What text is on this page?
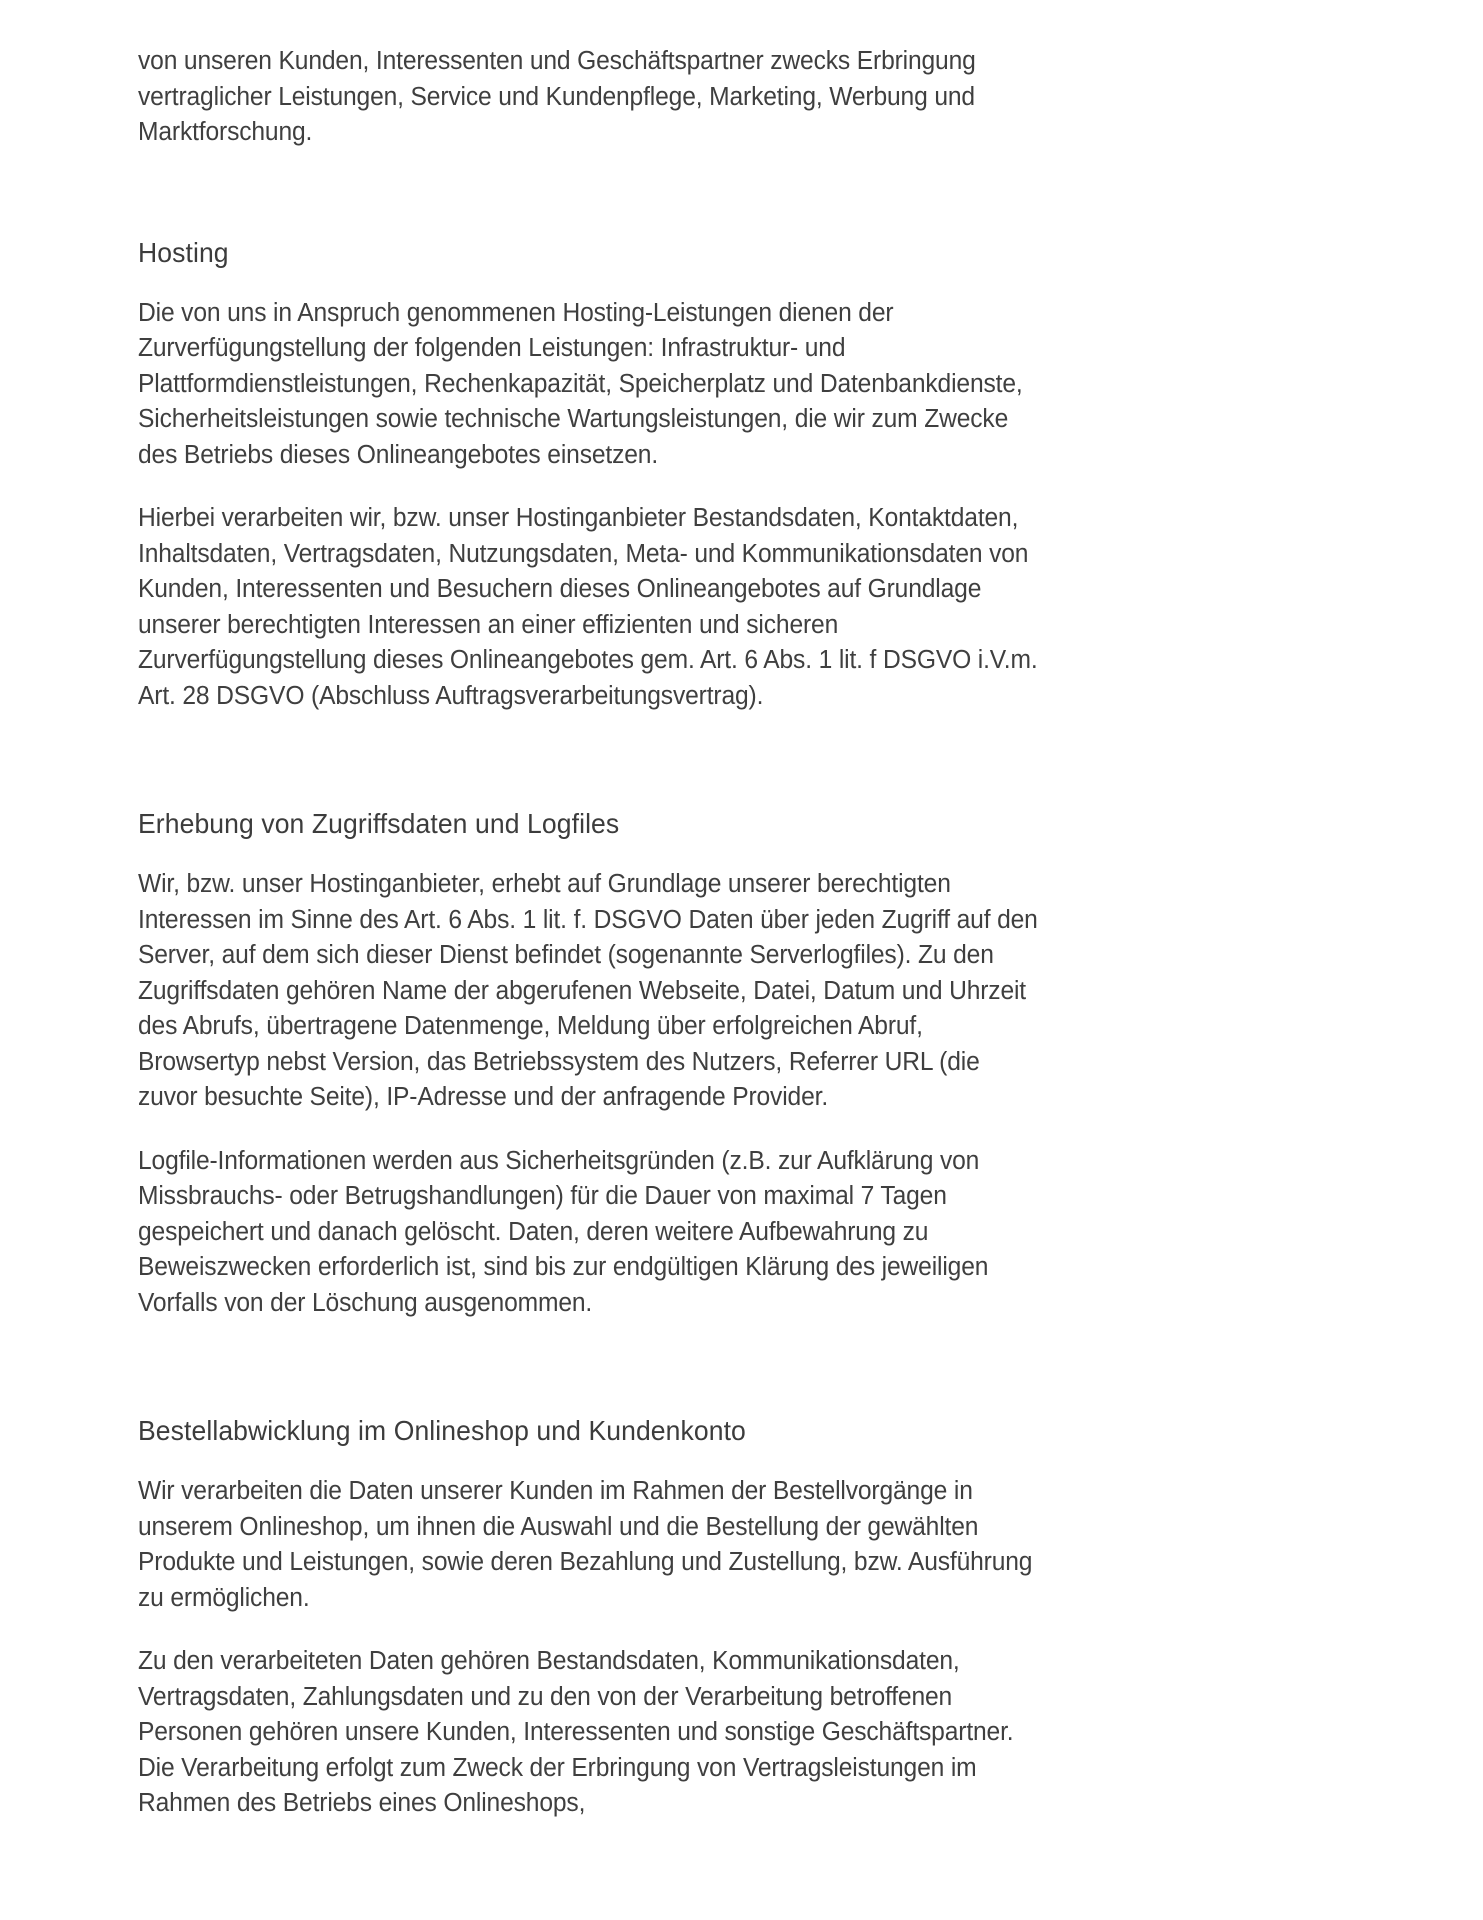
von unseren Kunden, Interessenten und Geschäftspartner zwecks Erbringung vertraglicher Leistungen, Service und Kundenpflege, Marketing, Werbung und Marktforschung.

Hosting

Die von uns in Anspruch genommenen Hosting-Leistungen dienen der Zurverfügungstellung der folgenden Leistungen: Infrastruktur- und Plattformdienstleistungen, Rechenkapazität, Speicherplatz und Datenbankdienste, Sicherheitsleistungen sowie technische Wartungsleistungen, die wir zum Zwecke des Betriebs dieses Onlineangebotes einsetzen.

Hierbei verarbeiten wir, bzw. unser Hostinganbieter Bestandsdaten, Kontaktdaten, Inhaltsdaten, Vertragsdaten, Nutzungsdaten, Meta- und Kommunikationsdaten von Kunden, Interessenten und Besuchern dieses Onlineangebotes auf Grundlage unserer berechtigten Interessen an einer effizienten und sicheren Zurverfügungstellung dieses Onlineangebotes gem. Art. 6 Abs. 1 lit. f DSGVO i.V.m. Art. 28 DSGVO (Abschluss Auftragsverarbeitungsvertrag).

Erhebung von Zugriffsdaten und Logfiles

Wir, bzw. unser Hostinganbieter, erhebt auf Grundlage unserer berechtigten Interessen im Sinne des Art. 6 Abs. 1 lit. f. DSGVO Daten über jeden Zugriff auf den Server, auf dem sich dieser Dienst befindet (sogenannte Serverlogfiles). Zu den Zugriffsdaten gehören Name der abgerufenen Webseite, Datei, Datum und Uhrzeit des Abrufs, übertragene Datenmenge, Meldung über erfolgreichen Abruf, Browsertyp nebst Version, das Betriebssystem des Nutzers, Referrer URL (die zuvor besuchte Seite), IP-Adresse und der anfragende Provider.

Logfile-Informationen werden aus Sicherheitsgründen (z.B. zur Aufklärung von Missbrauchs- oder Betrugshandlungen) für die Dauer von maximal 7 Tagen gespeichert und danach gelöscht. Daten, deren weitere Aufbewahrung zu Beweiszwecken erforderlich ist, sind bis zur endgültigen Klärung des jeweiligen Vorfalls von der Löschung ausgenommen.

Bestellabwicklung im Onlineshop und Kundenkonto

Wir verarbeiten die Daten unserer Kunden im Rahmen der Bestellvorgänge in unserem Onlineshop, um ihnen die Auswahl und die Bestellung der gewählten Produkte und Leistungen, sowie deren Bezahlung und Zustellung, bzw. Ausführung zu ermöglichen.

Zu den verarbeiteten Daten gehören Bestandsdaten, Kommunikationsdaten, Vertragsdaten, Zahlungsdaten und zu den von der Verarbeitung betroffenen Personen gehören unsere Kunden, Interessenten und sonstige Geschäftspartner. Die Verarbeitung erfolgt zum Zweck der Erbringung von Vertragsleistungen im Rahmen des Betriebs eines Onlineshops,
